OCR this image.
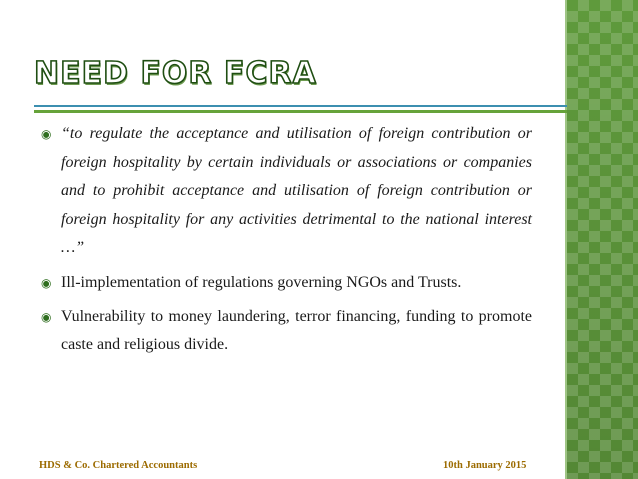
NEED FOR FCRA
◉ “to regulate the acceptance and utilisation of foreign contribution or foreign hospitality by certain individuals or associations or companies and to prohibit acceptance and utilisation of foreign contribution or foreign hospitality for any activities detrimental to the national interest …”
◉ Ill-implementation of regulations governing NGOs and Trusts.
◉ Vulnerability to money laundering, terror financing, funding to promote caste and religious divide.
HDS & Co. Chartered Accountants	10th January 2015
